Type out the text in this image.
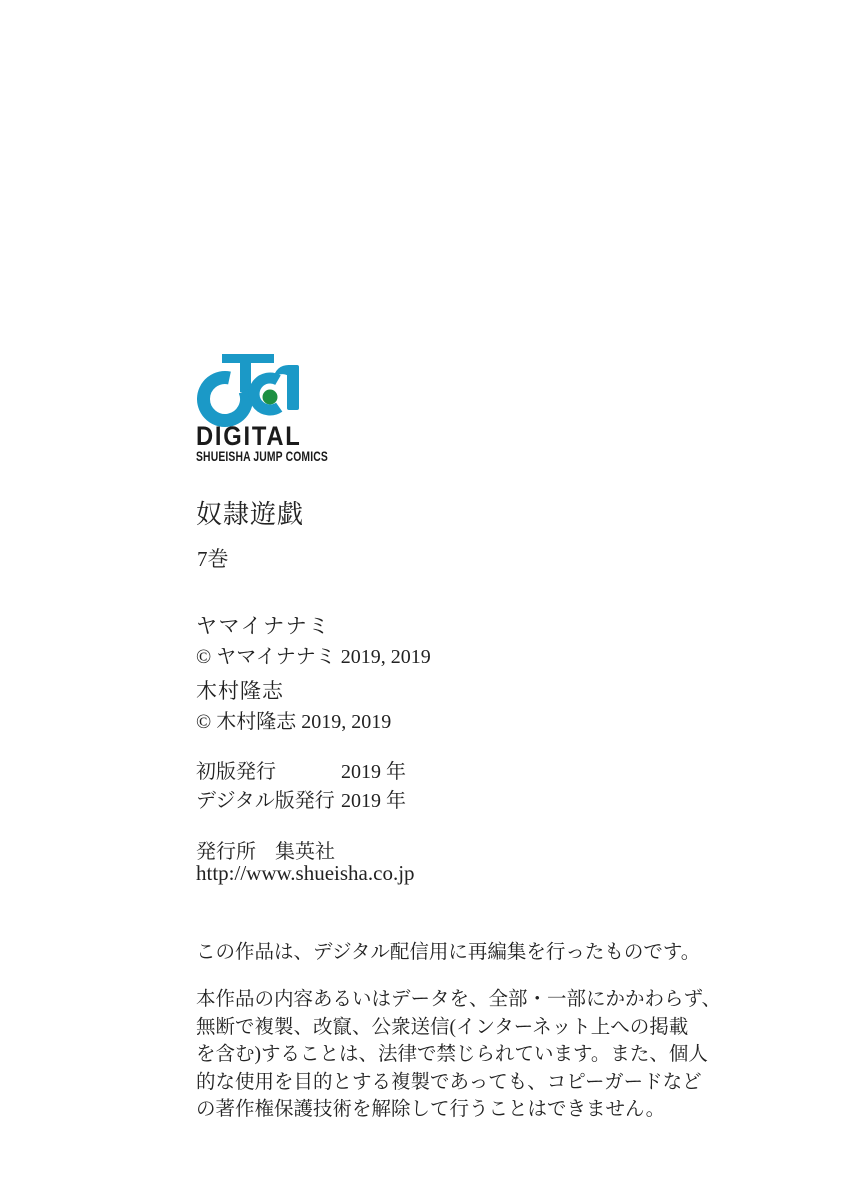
DIGITAL
SHUEISHA JUMP COMICS
奴隷遊戯
7巻
ヤマイナナミ
© ヤマイナナミ 2019, 2019
木村隆志
© 木村隆志 2019, 2019
初版発行	2019 年
デジタル版発行 2019 年
発行所 集英社
http://www.shueisha.co.jp
この作品は、デジタル配信用に再編集を行ったものです。
本作品の内容あるいはデータを、全部・一部にかかわらず、
無断で複製、改竄、公衆送信(インターネット上への掲載
を含む)することは、法律で禁じられています。また、個人
的な使用を目的とする複製であっても、コピーガードなど
の著作権保護技術を解除して行うことはできません。
